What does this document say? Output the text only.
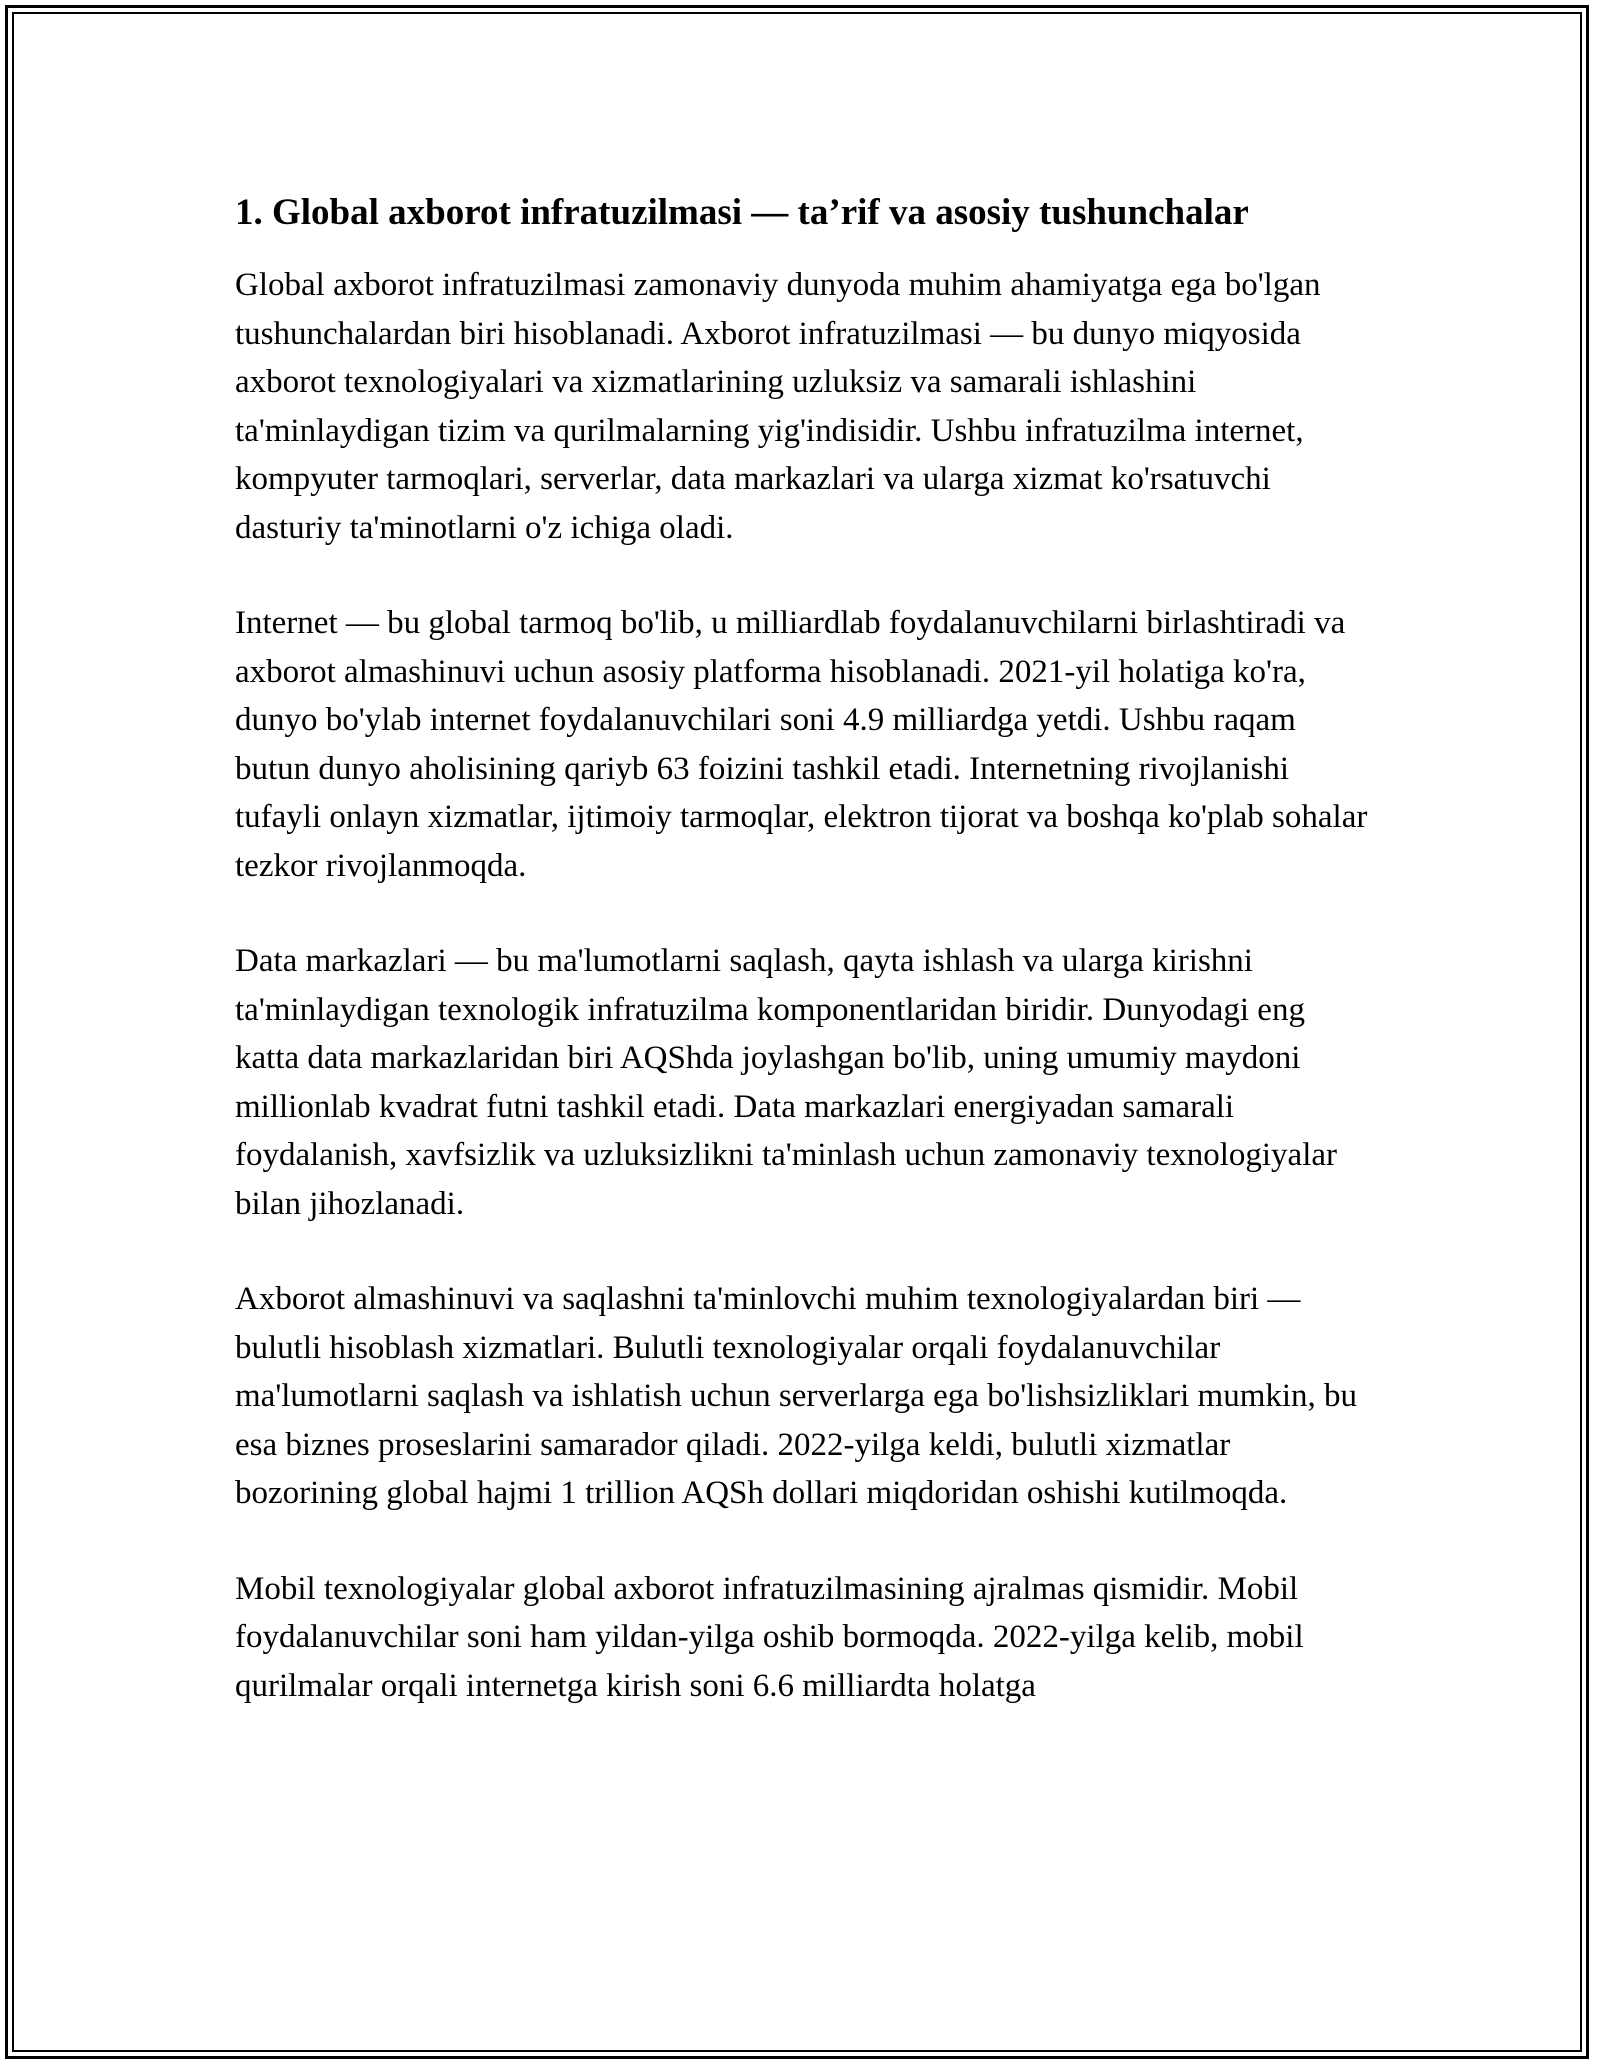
1. Global axborot infratuzilmasi — ta’rif va asosiy tushunchalar

Global axborot infratuzilmasi zamonaviy dunyoda muhim ahamiyatga ega bo'lgan tushunchalardan biri hisoblanadi. Axborot infratuzilmasi — bu dunyo miqyosida axborot texnologiyalari va xizmatlarining uzluksiz va samarali ishlashini ta'minlaydigan tizim va qurilmalarning yig'indisidir. Ushbu infratuzilma internet, kompyuter tarmoqlari, serverlar, data markazlari va ularga xizmat ko'rsatuvchi dasturiy ta'minotlarni o'z ichiga oladi.

Internet — bu global tarmoq bo'lib, u milliardlab foydalanuvchilarni birlashtiradi va axborot almashinuvi uchun asosiy platforma hisoblanadi. 2021-yil holatiga ko'ra, dunyo bo'ylab internet foydalanuvchilari soni 4.9 milliardga yetdi. Ushbu raqam butun dunyo aholisining qariyb 63 foizini tashkil etadi. Internetning rivojlanishi tufayli onlayn xizmatlar, ijtimoiy tarmoqlar, elektron tijorat va boshqa ko'plab sohalar tezkor rivojlanmoqda.

Data markazlari — bu ma'lumotlarni saqlash, qayta ishlash va ularga kirishni ta'minlaydigan texnologik infratuzilma komponentlaridan biridir. Dunyodagi eng katta data markazlaridan biri AQShda joylashgan bo'lib, uning umumiy maydoni millionlab kvadrat futni tashkil etadi. Data markazlari energiyadan samarali foydalanish, xavfsizlik va uzluksizlikni ta'minlash uchun zamonaviy texnologiyalar bilan jihozlanadi.

Axborot almashinuvi va saqlashni ta'minlovchi muhim texnologiyalardan biri — bulutli hisoblash xizmatlari. Bulutli texnologiyalar orqali foydalanuvchilar ma'lumotlarni saqlash va ishlatish uchun serverlarga ega bo'lishsizliklari mumkin, bu esa biznes proseslarini samarador qiladi. 2022-yilga keldi, bulutli xizmatlar bozorining global hajmi 1 trillion AQSh dollari miqdoridan oshishi kutilmoqda.

Mobil texnologiyalar global axborot infratuzilmasining ajralmas qismidir. Mobil foydalanuvchilar soni ham yildan-yilga oshib bormoqda. 2022-yilga kelib, mobil qurilmalar orqali internetga kirish soni 6.6 milliardta holatga
